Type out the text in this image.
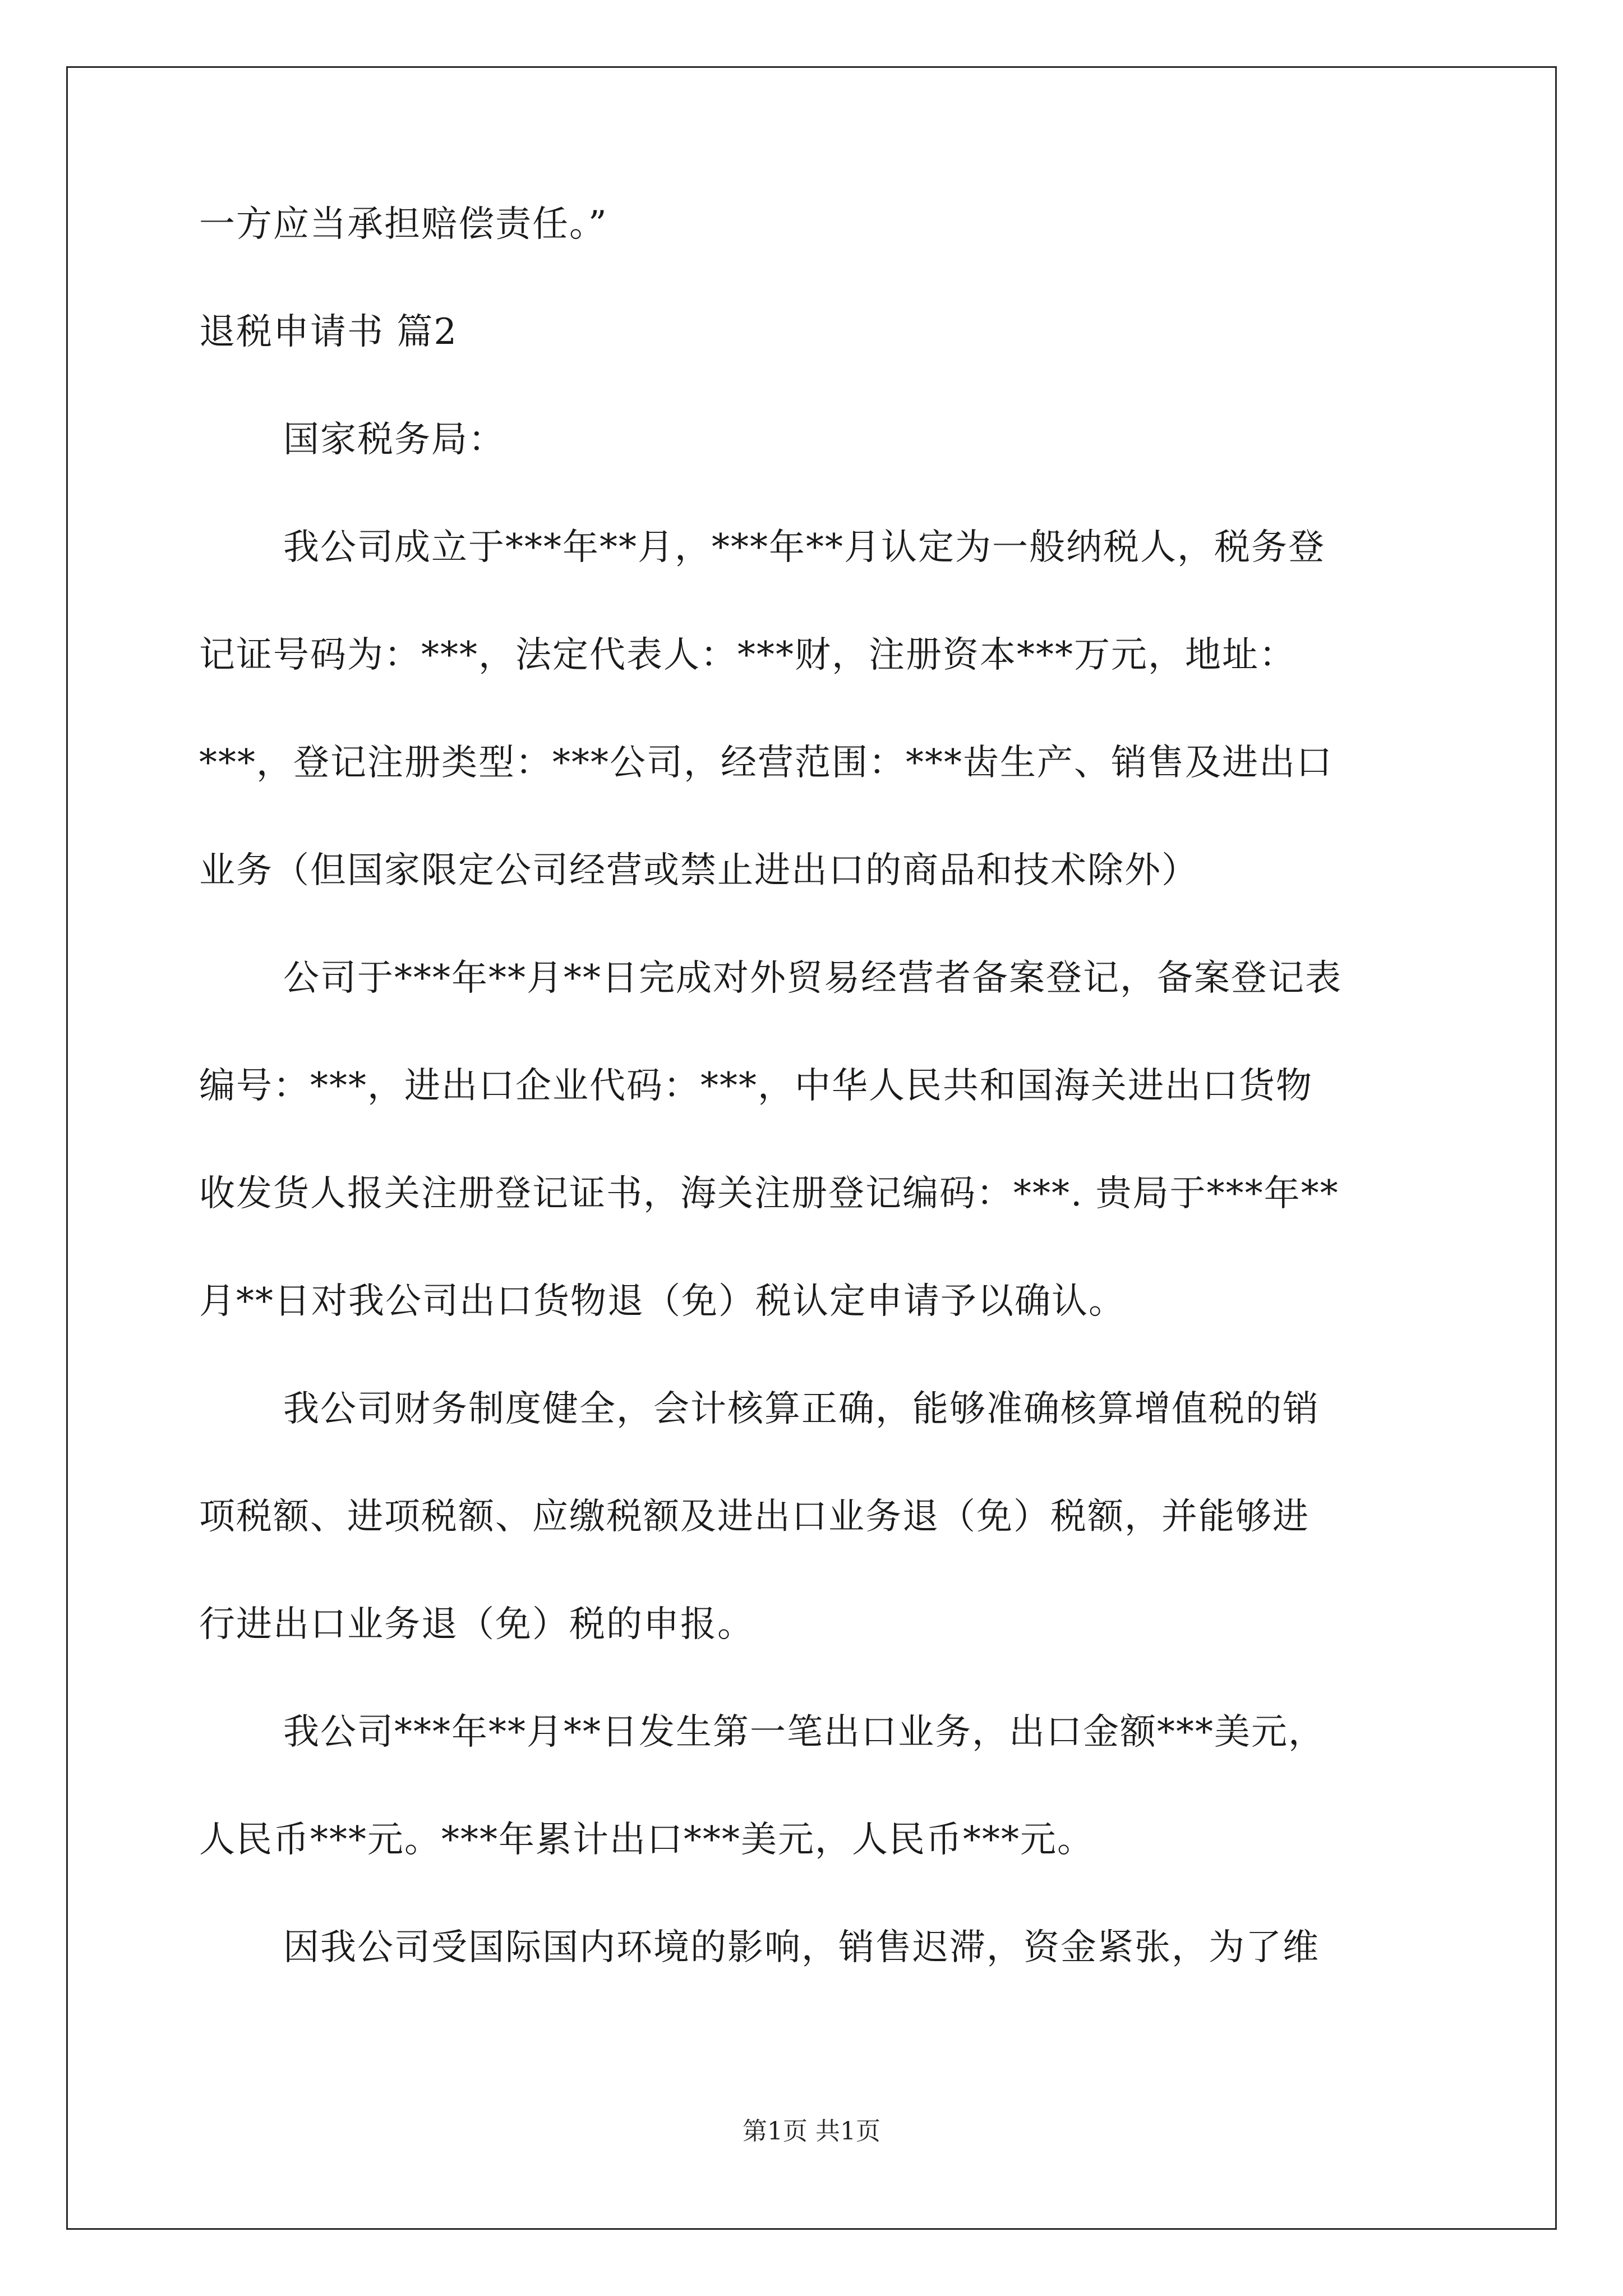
一方应当承担赔偿责任。”
退税申请书 篇2
国家税务局：
我公司成立于***年**月，***年**月认定为一般纳税人，税务登
记证号码为：***，法定代表人：***财，注册资本***万元，地址：
***，登记注册类型：***公司，经营范围：***齿生产、销售及进出口
业务（但国家限定公司经营或禁止进出口的商品和技术除外）
公司于***年**月**日完成对外贸易经营者备案登记，备案登记表
编号：***，进出口企业代码：***，中华人民共和国海关进出口货物
收发货人报关注册登记证书，海关注册登记编码：***. 贵局于***年**
月**日对我公司出口货物退（免）税认定申请予以确认。
我公司财务制度健全，会计核算正确，能够准确核算增值税的销
项税额、进项税额、应缴税额及进出口业务退（免）税额，并能够进
行进出口业务退（免）税的申报。
我公司***年**月**日发生第一笔出口业务，出口金额***美元，
人民币***元。***年累计出口***美元，人民币***元。
因我公司受国际国内环境的影响，销售迟滞，资金紧张，为了维
第1页 共1页
